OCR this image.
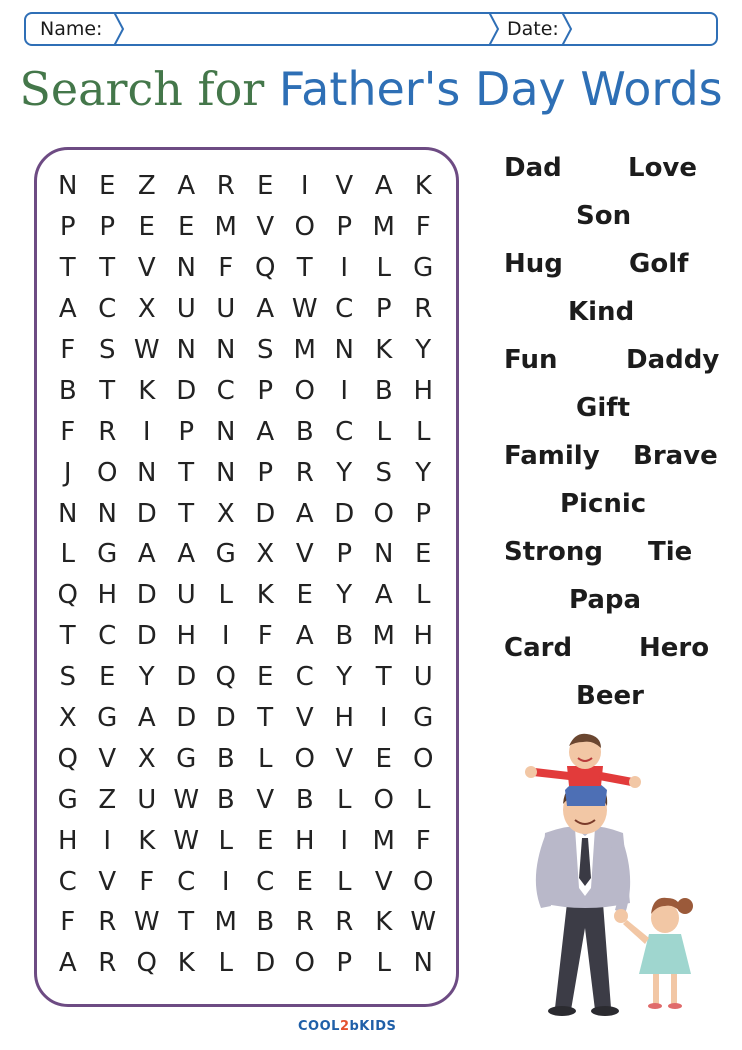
Name:	Date:
Search for Father's Day Words
N E Z A R E	I	V A K
P P E E M V O P M F
T T V N F Q T	I	L G
A C X U U A W C P R
F S W N N S M N K Y
B T K D C P O I	B H
F R	I	P N A B C L L
J O N T N P R Y S Y
N N D T X D A D O P
L G A A G X V P N E
Q H D U L K E Y A L
T C D H I	F A B M H
S E Y D Q E C Y T U
X G A D D T V H I G
Q V X G B L O V E O
G Z U W B V B L O L
H I	K W L E H I M F
C V F C	I	C E L V O
F R W T M B R R K W
A R Q K L D O P L N
Dad	Love
Son
Hug	Golf
Kind
Fun	Daddy
Gift
Family Brave
Picnic
Strong Tie
Papa
Card	Hero
Beer
COOL2bKIDS
